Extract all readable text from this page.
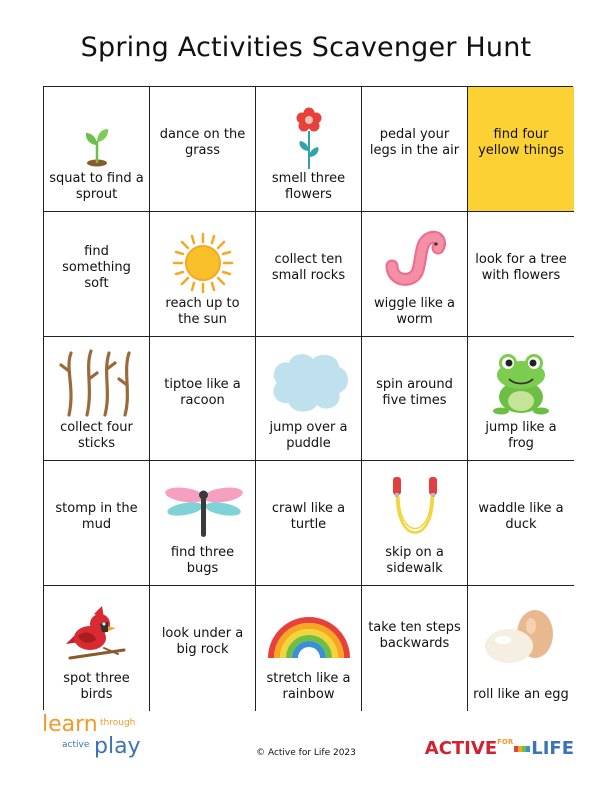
Spring Activities Scavenger Hunt
squat to find a sprout
dance on the grass
smell three flowers
pedal your legs in the air
find four yellow things
find something soft
reach up to the sun
collect ten small rocks
wiggle like a worm
look for a tree with flowers
collect four sticks
tiptoe like a racoon
jump over a puddle
spin around five times
jump like a frog
stomp in the mud
find three bugs
crawl like a turtle
skip on a sidewalk
waddle like a duck
spot three birds
look under a big rock
stretch like a rainbow
take ten steps backwards
roll like an egg
learn through
active play	© Active for Life 2023	$ACTIVE^{FOR}$ LIFE
